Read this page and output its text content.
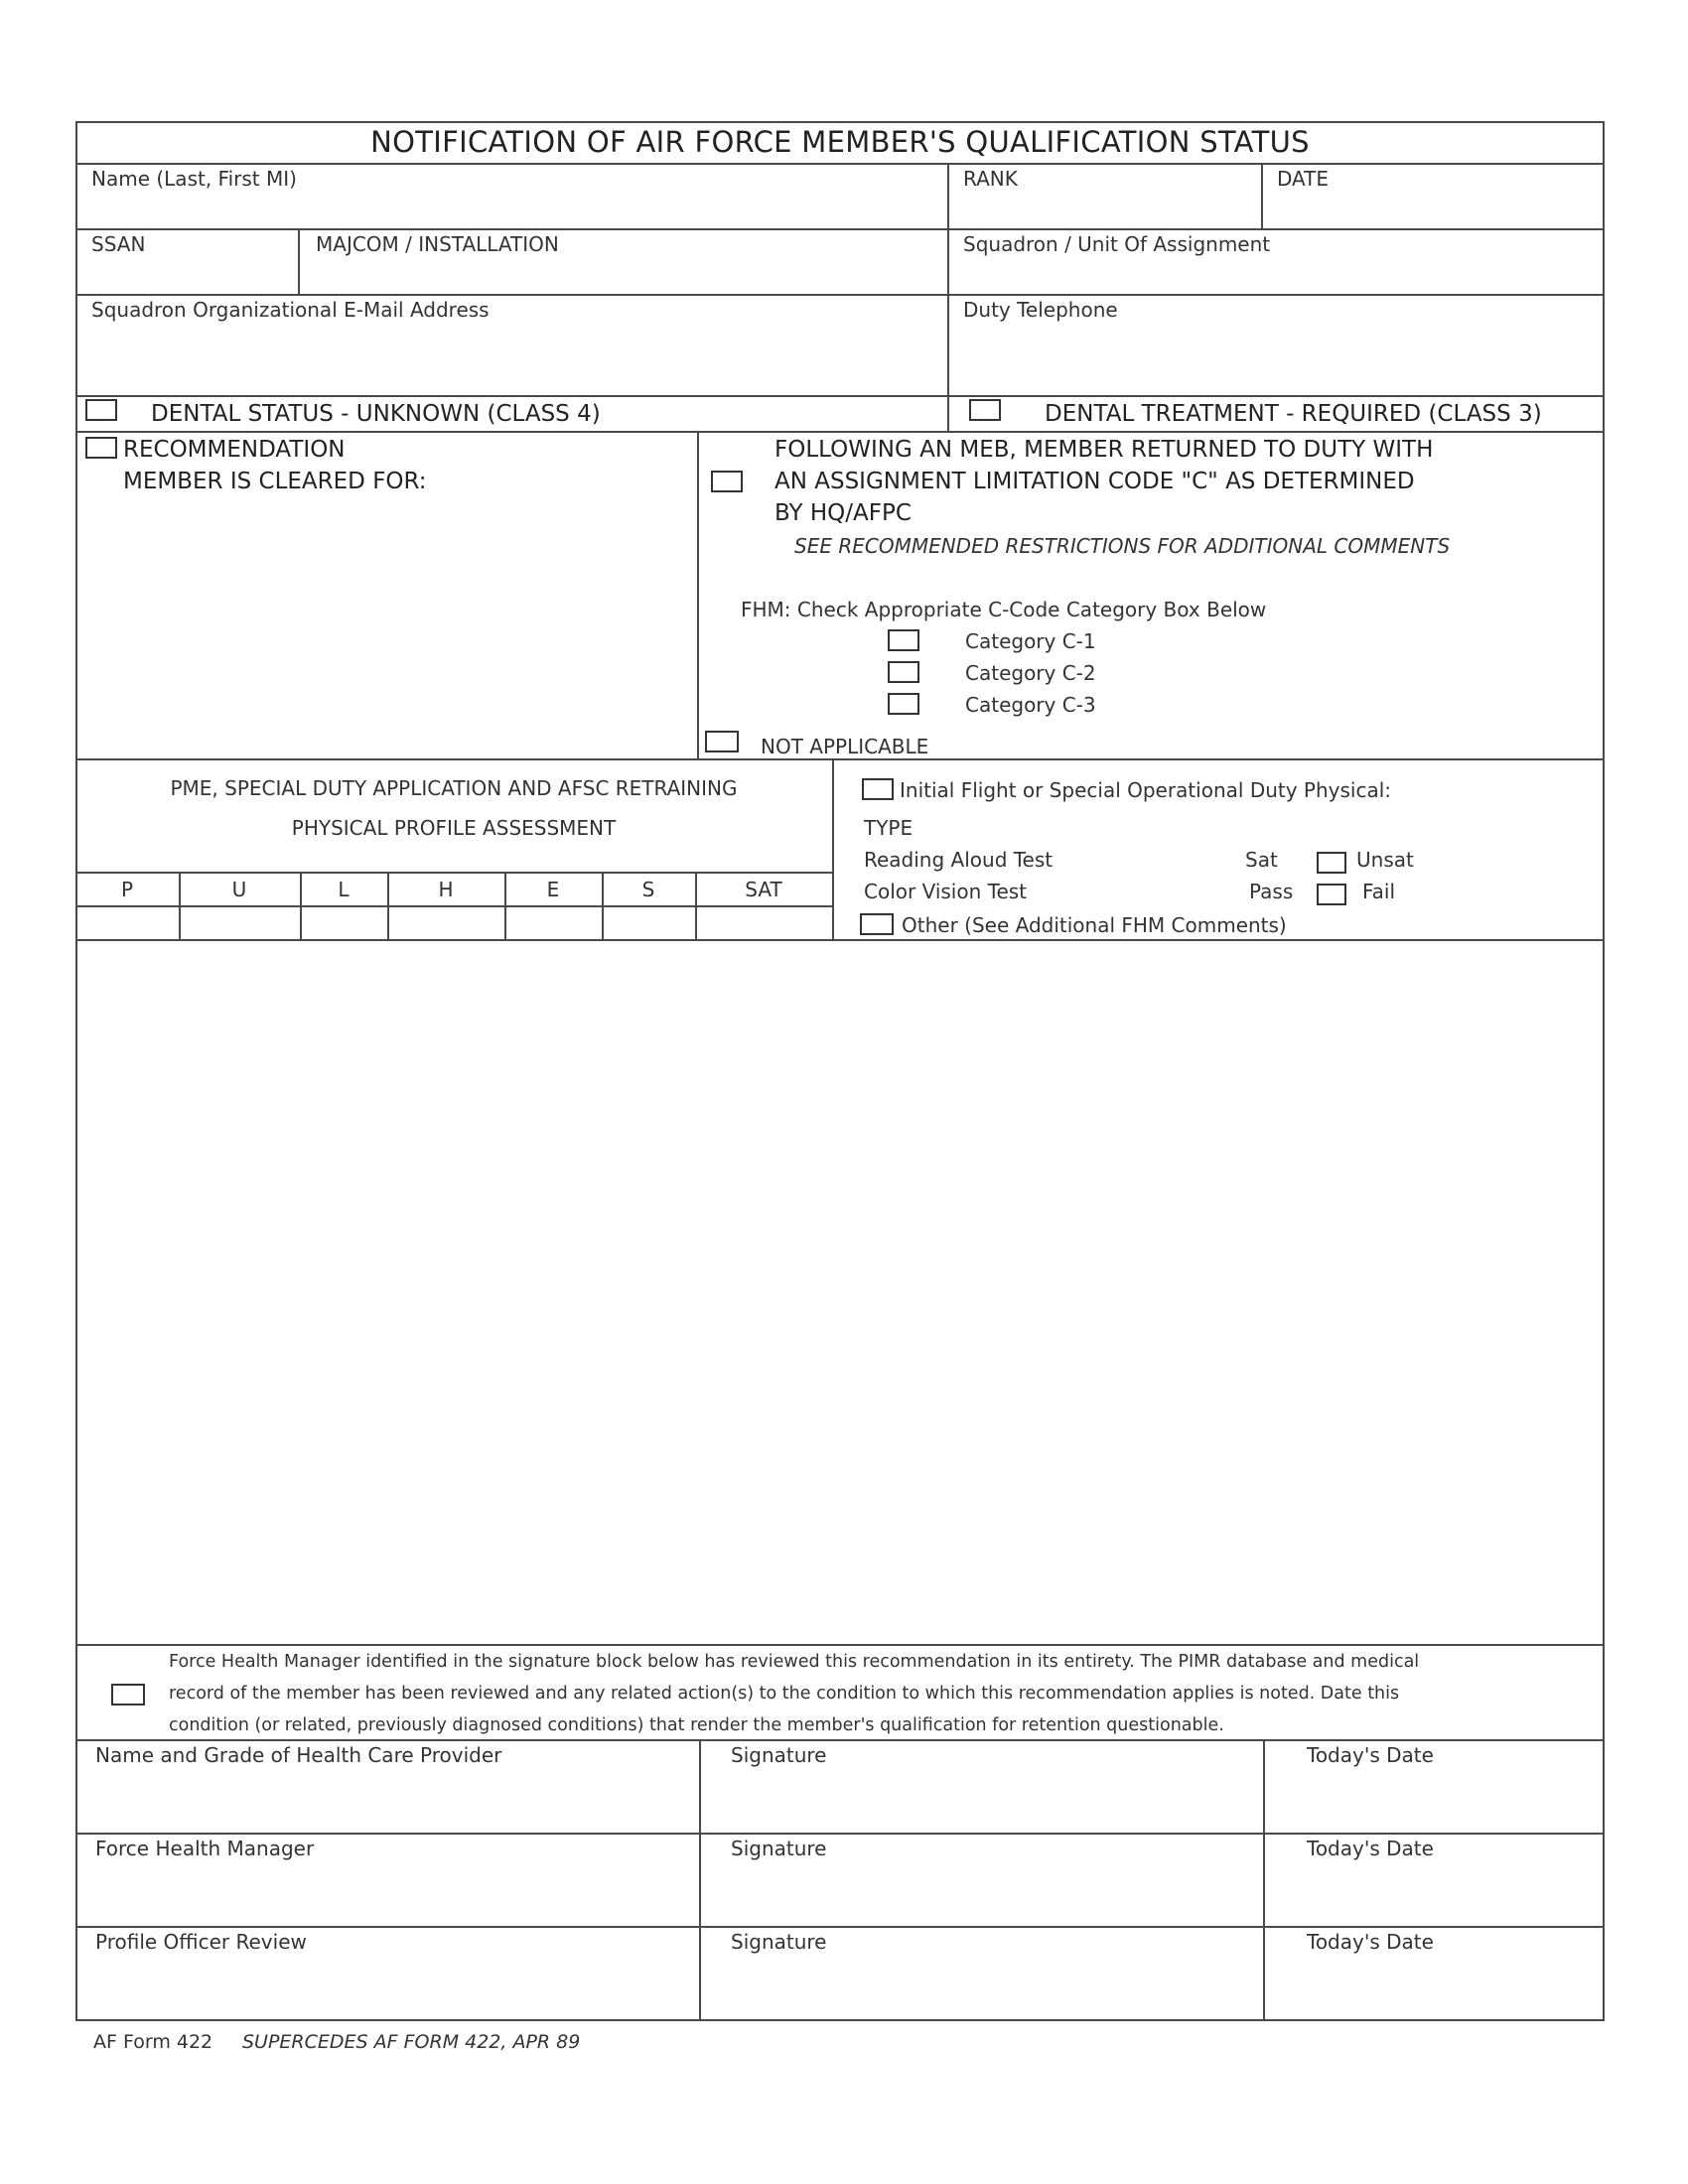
NOTIFICATION OF AIR FORCE MEMBER'S QUALIFICATION STATUS
Name (Last, First MI)	RANK	DATE
SSAN	MAJCOM / INSTALLATION	Squadron / Unit Of Assignment
Squadron Organizational E-Mail Address	Duty Telephone
DENTAL STATUS - UNKNOWN (CLASS 4)	DENTAL TREATMENT - REQUIRED (CLASS 3)
RECOMMENDATION
MEMBER IS CLEARED FOR:
FOLLOWING AN MEB, MEMBER RETURNED TO DUTY WITH
AN ASSIGNMENT LIMITATION CODE "C" AS DETERMINED
BY HQ/AFPC
SEE RECOMMENDED RESTRICTIONS FOR ADDITIONAL COMMENTS
FHM: Check Appropriate C-Code Category Box Below
Category C-1
Category C-2
Category C-3
NOT APPLICABLE
PME, SPECIAL DUTY APPLICATION AND AFSC RETRAINING
PHYSICAL PROFILE ASSESSMENT
P	U	L	H	E	S	SAT
Initial Flight or Special Operational Duty Physical:
TYPE
Reading Aloud Test	Sat	Unsat
Color Vision Test	Pass	Fail
Other (See Additional FHM Comments)
Force Health Manager identified in the signature block below has reviewed this recommendation in its entirety. The PIMR database and medical
record of the member has been reviewed and any related action(s) to the condition to which this recommendation applies is noted. Date this
condition (or related, previously diagnosed conditions) that render the member's qualification for retention questionable.
Name and Grade of Health Care Provider	Signature	Today's Date
Force Health Manager	Signature	Today's Date
Profile Officer Review	Signature	Today's Date
AF Form 422 SUPERCEDES AF FORM 422, APR 89
